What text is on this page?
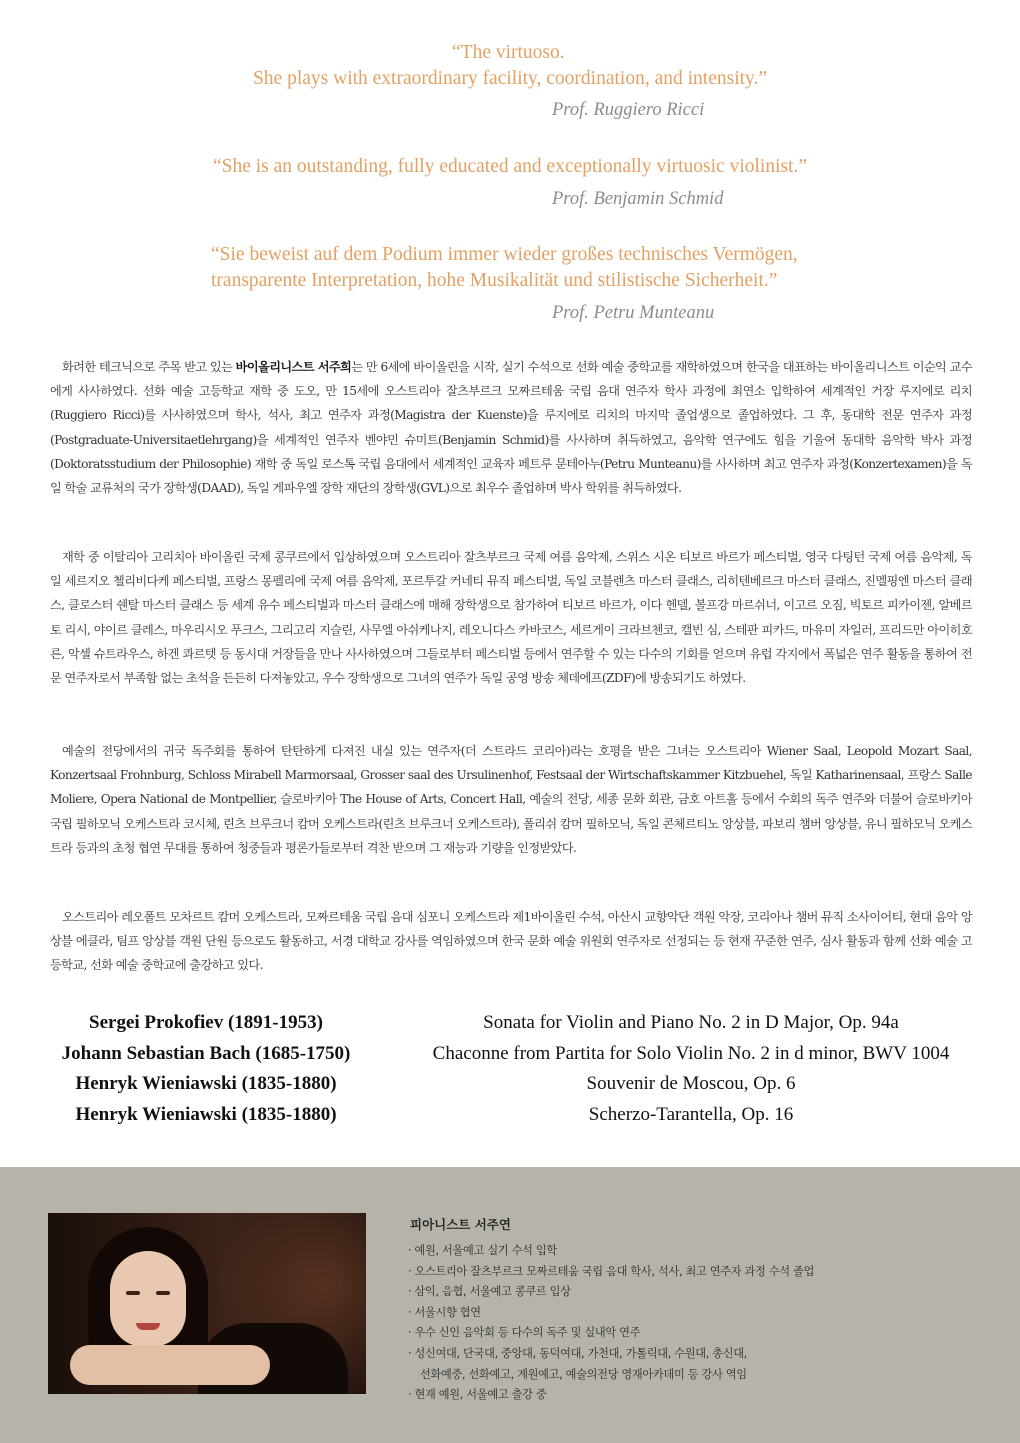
“The virtuoso.
She plays with extraordinary facility, coordination, and intensity.”
Prof. Ruggiero Ricci
“She is an outstanding, fully educated and exceptionally virtuosic violinist.”
Prof. Benjamin Schmid
“Sie beweist auf dem Podium immer wieder großes technisches Vermögen,
transparente Interpretation, hohe Musikalität und stilistische Sicherheit.”
Prof. Petru Munteanu

화려한 테크닉으로 주목 받고 있는 바이올리니스트 서주희는 만 6세에 바이올린을 시작, 실기 수석으로 선화 예술 중학교를 재학하였으며 한국을 대표하는 바이올리니스트 이순익 교수에게 사사하였다. 선화 예술 고등학교 재학 중 도오, 만 15세에 오스트리아 잘츠부르크 모짜르테움 국립 음대 연주자 학사 과정에 최연소 입학하여 세계적인 거장 루지에로 리치(Ruggiero Ricci)를 사사하였으며 학사, 석사, 최고 연주자 과정(Magistra der Kuenste)을 루지에로 리치의 마지막 졸업생으로 졸업하였다. 그 후, 동대학 전문 연주자 과정(Postgraduate-Universitaetlehrgang)을 세계적인 연주자 벤야민 슈미트(Benjamin Schmid)를 사사하며 취득하였고, 음악학 연구에도 힘을 기울여 동대학 음악학 박사 과정(Doktoratsstudium der Philosophie) 재학 중 독일 로스톡 국립 음대에서 세계적인 교육자 페트루 문테아누(Petru Munteanu)를 사사하며 최고 연주자 과정(Konzertexamen)을 독일 학술 교류처의 국가 장학생(DAAD), 독일 게파우엘 장학 재단의 장학생(GVL)으로 최우수 졸업하며 박사 학위를 취득하였다.

재학 중 이탈리아 고리치아 바이올린 국제 콩쿠르에서 입상하였으며 오스트리아 잘츠부르크 국제 여름 음악제, 스위스 시온 티보르 바르가 페스티벌, 영국 다팅턴 국제 여름 음악제, 독일 세르지오 첼리비다케 페스티벌, 프랑스 몽펠리에 국제 여름 음악제, 포르투갈 커네티 뮤직 페스티벌, 독일 코블렌츠 마스터 클래스, 리히텐베르크 마스터 클래스, 진멜핑엔 마스터 클래스, 클로스터 쉔탈 마스터 클래스 등 세계 유수 페스티벌과 마스터 클래스에 매해 장학생으로 참가하여 티보르 바르가, 이다 헨델, 볼프강 마르쉬너, 이고르 오짐, 빅토르 피카이젠, 알베르토 리시, 야이르 클레스, 마우리시오 푸크스, 그리고리 지슬린, 사무엘 아쉬케나지, 레오니다스 카바코스, 세르게이 크라브첸코, 캘빈 심, 스테판 피카드, 마유미 자일러, 프리드만 아이히호른, 악셀 슈트라우스, 하겐 콰르텟 등 동시대 거장들을 만나 사사하였으며 그들로부터 페스티벌 등에서 연주할 수 있는 다수의 기회를 얻으며 유럽 각지에서 폭넓은 연주 활동을 통하여 전문 연주자로서 부족함 없는 초석을 든든히 다져놓았고, 우수 장학생으로 그녀의 연주가 독일 공영 방송 체데에프(ZDF)에 방송되기도 하였다.

예술의 전당에서의 귀국 독주회를 통하여 탄탄하게 다져진 내실 있는 연주자(더 스트라드 코리아)라는 호평을 받은 그녀는 오스트리아 Wiener Saal, Leopold Mozart Saal, Konzertsaal Frohnburg, Schloss Mirabell Marmorsaal, Grosser saal des Ursulinenhof, Festsaal der Wirtschaftskammer Kitzbuehel, 독일 Katharinensaal, 프랑스 Salle Moliere, Opera National de Montpellier, 슬로바키아 The House of Arts, Concert Hall, 예술의 전당, 세종 문화 회관, 금호 아트홀 등에서 수회의 독주 연주와 더불어 슬로바키아 국립 필하모닉 오케스트라 코시체, 린츠 브루크너 캄머 오케스트라(린츠 브루크너 오케스트라), 폴리쉬 캄머 필하모닉, 독일 콘체르티노 앙상블, 파보리 챔버 앙상블, 유니 필하모닉 오케스트라 등과의 초청 협연 무대를 통하여 청중들과 평론가들로부터 격찬 받으며 그 재능과 기량을 인정받았다.

오스트리아 레오폴트 모차르트 캄머 오케스트라, 모짜르테움 국립 음대 심포니 오케스트라 제1바이올린 수석, 아산시 교향악단 객원 악장, 코리아나 챔버 뮤직 소사이어티, 현대 음악 앙상블 에클라, 팀프 앙상블 객원 단원 등으로도 활동하고, 서경 대학교 강사를 역임하였으며 한국 문화 예술 위원회 연주자로 선정되는 등 현재 꾸준한 연주, 심사 활동과 함께 선화 예술 고등학교, 선화 예술 중학교에 출강하고 있다.

Sergei Prokofiev (1891-1953)	Sonata for Violin and Piano No. 2 in D Major, Op. 94a
Johann Sebastian Bach (1685-1750)	Chaconne from Partita for Solo Violin No. 2 in d minor, BWV 1004
Henryk Wieniawski (1835-1880)	Souvenir de Moscou, Op. 6
Henryk Wieniawski (1835-1880)	Scherzo-Tarantella, Op. 16
피아니스트 서주연
· 예원, 서울예고 실기 수석 입학
· 오스트리아 잘츠부르크 모짜르테움 국립 음대 학사, 석사, 최고 연주자 과정 수석 졸업
· 삼익, 음협, 서울예고 콩쿠르 입상
· 서울시향 협연
· 우수 신인 음악회 등 다수의 독주 및 실내악 연주
· 성신여대, 단국대, 중앙대, 동덕여대, 가천대, 가톨릭대, 수원대, 총신대,
선화예중, 선화예고, 계원예고, 예술의전당 영재아카데미 등 강사 역임
· 현재 예원, 서울예고 출강 중
